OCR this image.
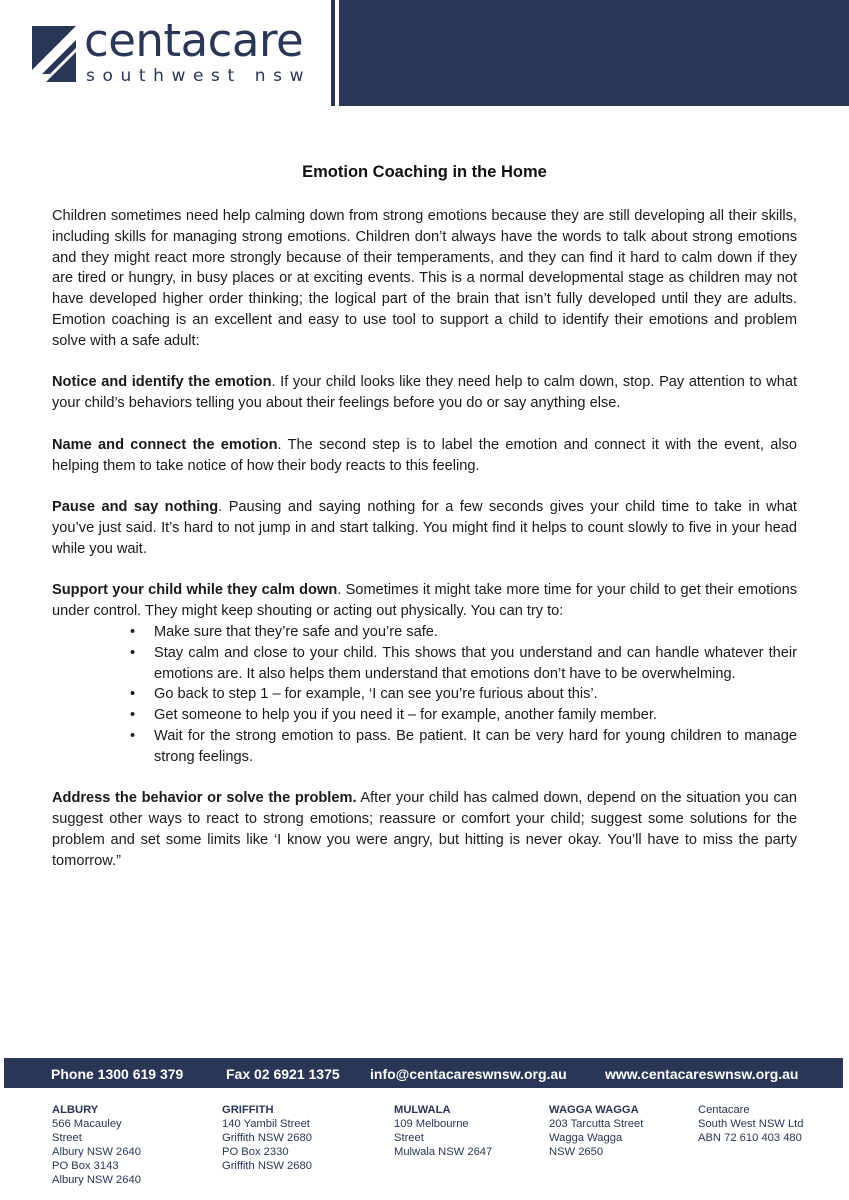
centacare
southwest nsw
Emotion Coaching in the Home

Children sometimes need help calming down from strong emotions because they are still developing all their skills, including skills for managing strong emotions. Children don’t always have the words to talk about strong emotions and they might react more strongly because of their temperaments, and they can find it hard to calm down if they are tired or hungry, in busy places or at exciting events. This is a normal developmental stage as children may not have developed higher order thinking; the logical part of the brain that isn’t fully developed until they are adults. Emotion coaching is an excellent and easy to use tool to support a child to identify their emotions and problem solve with a safe adult:

Notice and identify the emotion. If your child looks like they need help to calm down, stop. Pay attention to what your child’s behaviors telling you about their feelings before you do or say anything else.

Name and connect the emotion. The second step is to label the emotion and connect it with the event, also helping them to take notice of how their body reacts to this feeling.

Pause and say nothing. Pausing and saying nothing for a few seconds gives your child time to take in what you’ve just said. It’s hard to not jump in and start talking. You might find it helps to count slowly to five in your head while you wait.

Support your child while they calm down. Sometimes it might take more time for your child to get their emotions under control. They might keep shouting or acting out physically. You can try to:

• Make sure that they’re safe and you’re safe.
• Stay calm and close to your child. This shows that you understand and can handle whatever their emotions are. It also helps them understand that emotions don’t have to be overwhelming.
• Go back to step 1 – for example, ‘I can see you’re furious about this’.
• Get someone to help you if you need it – for example, another family member.
• Wait for the strong emotion to pass. Be patient. It can be very hard for young children to manage strong feelings.

Address the behavior or solve the problem. After your child has calmed down, depend on the situation you can suggest other ways to react to strong emotions; reassure or comfort your child; suggest some solutions for the problem and set some limits like ‘I know you were angry, but hitting is never okay. You’ll have to miss the party tomorrow.”

Phone 1300 619 379	Fax 02 6921 1375 info@centacareswnsw.org.au	www.centacareswnsw.org.au
ALBURY
566 Macauley
Street
Albury NSW 2640
PO Box 3143
Albury NSW 2640
GRIFFITH
140 Yambil Street
Griffith NSW 2680
PO Box 2330
Griffith NSW 2680
MULWALA
109 Melbourne
Street
Mulwala NSW 2647
WAGGA WAGGA
203 Tarcutta Street
Wagga Wagga
NSW 2650
Centacare
South West NSW Ltd
ABN 72 610 403 480
